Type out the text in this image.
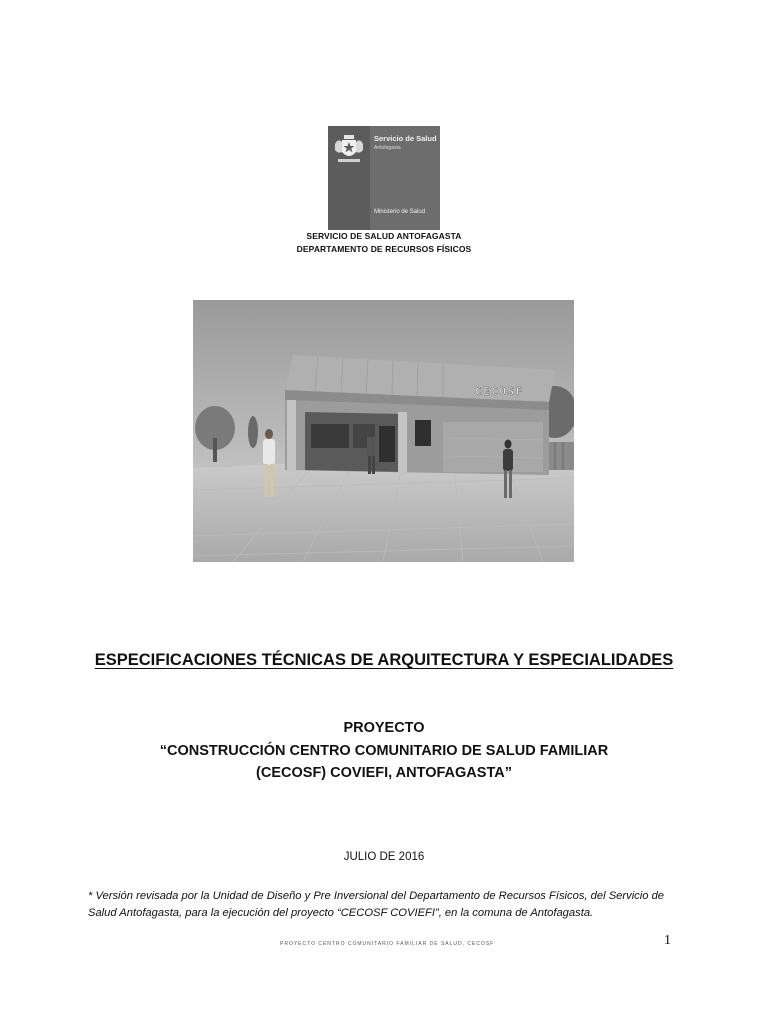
Servicio de Salud
Antofagasta
Ministerio de Salud
SERVICIO DE SALUD ANTOFAGASTA
DEPARTAMENTO DE RECURSOS FÍSICOS
CECOSF
ESPECIFICACIONES TÉCNICAS DE ARQUITECTURA Y ESPECIALIDADES
PROYECTO
“CONSTRUCCIÓN CENTRO COMUNITARIO DE SALUD FAMILIAR
(CECOSF) COVIEFI, ANTOFAGASTA”
JULIO DE 2016
* Versión revisada por la Unidad de Diseño y Pre Inversional del Departamento de Recursos Físicos, del Servicio de Salud Antofagasta, para la ejecución del proyecto “CECOSF COVIEFI”, en la comuna de Antofagasta.
PROYECTO CENTRO COMUNITARIO FAMILIAR DE SALUD, CECOSF	1
